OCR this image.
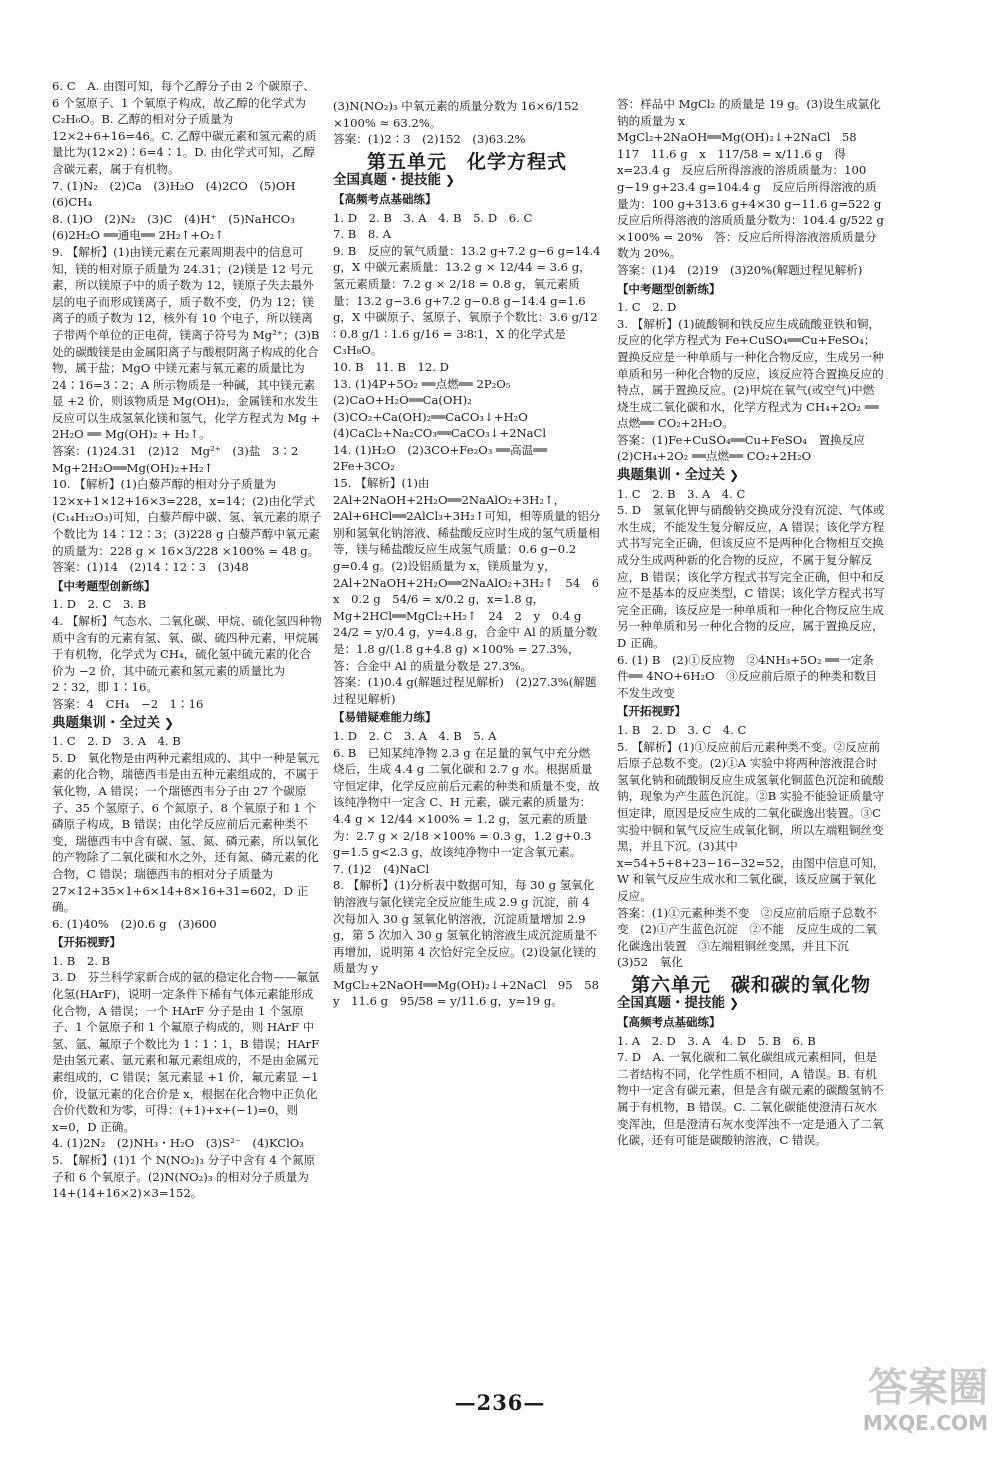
6. C　A. 由图可知，每个乙醇分子由 2 个碳原子、6 个氢原子、1 个氧原子构成，故乙醇的化学式为 C₂H₆O。B. 乙醇的相对分子质量为 12×2+6+16=46。C. 乙醇中碳元素和氢元素的质量比为(12×2)∶6=4∶1。D. 由化学式可知，乙醇含碳元素，属于有机物。
7. (1)N₂　(2)Ca　(3)H₂O　(4)2CO　(5)OH　(6)CH₄
8. (1)O　(2)N₂　(3)C　(4)H⁺　(5)NaHCO₃　(6)2H₂O ══通电══ 2H₂↑+O₂↑
9. 【解析】(1)由镁元素在元素周期表中的信息可知，镁的相对原子质量为 24.31；(2)镁是 12 号元素，所以镁原子中的质子数为 12，镁原子失去最外层的电子而形成镁离子，质子数不变，仍为 12；镁离子的质子数为 12，核外有 10 个电子，所以镁离子带两个单位的正电荷，镁离子符号为 Mg²⁺；(3)B 处的碳酸镁是由金属阳离子与酸根阴离子构成的化合物，属于盐；MgO 中镁元素与氧元素的质量比为 24∶16=3∶2；A 所示物质是一种碱，其中镁元素显 +2 价，则该物质是 Mg(OH)₂，金属镁和水发生反应可以生成氢氧化镁和氢气，化学方程式为 Mg + 2H₂O ══ Mg(OH)₂ + H₂↑。
答案：(1)24.31　(2)12　Mg²⁺　(3)盐　3∶2　Mg+2H₂O══Mg(OH)₂+H₂↑
10. 【解析】(1)白藜芦醇的相对分子质量为 12×x+1×12+16×3=228，x=14；(2)由化学式(C₁₄H₁₂O₃)可知，白藜芦醇中碳、氢、氧元素的原子个数比为 14∶12∶3；(3)228 g 白藜芦醇中氧元素的质量为：228 g × 16×3/228 ×100% = 48 g。
答案：(1)14　(2)14∶12∶3　(3)48
【中考题型创新练】
1. D　2. C　3. B
4. 【解析】气态水、二氧化碳、甲烷、硫化氢四种物质中含有的元素有氢、氧、碳、硫四种元素，甲烷属于有机物，化学式为 CH₄，硫化氢中硫元素的化合价为 −2 价，其中硫元素和氢元素的质量比为 2∶32，即 1∶16。
答案：4　CH₄　−2　1∶16
典题集训・全过关 ❯
1. C　2. D　3. A　4. B
5. D　氧化物是由两种元素组成的、其中一种是氧元素的化合物，瑞德西韦是由五种元素组成的，不属于氧化物，A 错误；一个瑞德西韦分子由 27 个碳原子、35 个氢原子、6 个氮原子、8 个氧原子和 1 个磷原子构成，B 错误；由化学反应前后元素种类不变，瑞德西韦中含有碳、氢、氮、磷元素，所以氧化的产物除了二氧化碳和水之外，还有氮、磷元素的化合物，C 错误；瑞德西韦的相对分子质量为 27×12+35×1+6×14+8×16+31=602，D 正确。
6. (1)40%　(2)0.6 g　(3)600
【开拓视野】
1. B　2. B
3. D　芬兰科学家新合成的氩的稳定化合物——氟氩化氢(HArF)，说明一定条件下稀有气体元素能形成化合物，A 错误；一个 HArF 分子是由 1 个氢原子、1 个氩原子和 1 个氟原子构成的，则 HArF 中氢、氩、氟原子个数比为 1∶1∶1，B 错误；HArF 是由氢元素、氩元素和氟元素组成的，不是由金属元素组成的，C 错误；氢元素显 +1 价，氟元素显 −1 价，设氩元素的化合价是 x，根据在化合物中正负化合价代数和为零，可得：(+1)+x+(−1)=0，则 x=0，D 正确。
4. (1)2N₂　(2)NH₃・H₂O　(3)S²⁻　(4)KClO₃
5. 【解析】(1)1 个 N(NO₂)₃ 分子中含有 4 个氮原子和 6 个氧原子。(2)N(NO₂)₃ 的相对分子质量为 14+(14+16×2)×3=152。
(3)N(NO₂)₃ 中氧元素的质量分数为 16×6/152 ×100% ≈ 63.2%。
答案：(1)2∶3　(2)152　(3)63.2%
第五单元　化学方程式
全国真题・提技能 ❯
【高频考点基础练】
1. D　2. B　3. A　4. B　5. D　6. C
7. B　8. A
9. B　反应的氧气质量：13.2 g+7.2 g−6 g=14.4 g，X 中碳元素质量：13.2 g × 12/44 = 3.6 g，氢元素质量：7.2 g × 2/18 = 0.8 g，氧元素质量：13.2 g−3.6 g+7.2 g−0.8 g−14.4 g=1.6 g，X 中碳原子、氢原子、氧原子个数比：3.6 g/12 ∶ 0.8 g/1 ∶ 1.6 g/16 = 3∶8∶1，X 的化学式是 C₃H₈O。
10. B　11. B　12. D
13. (1)4P+5O₂ ══点燃══ 2P₂O₅　(2)CaO+H₂O══Ca(OH)₂　(3)CO₂+Ca(OH)₂══CaCO₃↓+H₂O　(4)CaCl₂+Na₂CO₃══CaCO₃↓+2NaCl
14. (1)H₂O　(2)3CO+Fe₂O₃ ══高温══ 2Fe+3CO₂
15. 【解析】(1)由 2Al+2NaOH+2H₂O══2NaAlO₂+3H₂↑，2Al+6HCl══2AlCl₃+3H₂↑可知，相等质量的铝分别和氢氧化钠溶液、稀盐酸反应时生成的氢气质量相等，镁与稀盐酸反应生成氢气质量：0.6 g−0.2 g=0.4 g。(2)设铝质量为 x，镁质量为 y，2Al+2NaOH+2H₂O══2NaAlO₂+3H₂↑　54　6　x　0.2 g　54/6 = x/0.2 g，x=1.8 g，Mg+2HCl══MgCl₂+H₂↑　24　2　y　0.4 g　24/2 = y/0.4 g，y=4.8 g，合金中 Al 的质量分数是：1.8 g/(1.8 g+4.8 g) ×100% = 27.3%，答：合金中 Al 的质量分数是 27.3%。
答案：(1)0.4 g(解题过程见解析)　(2)27.3%(解题过程见解析)
【易错疑难能力练】
1. D　2. C　3. A　4. B　5. A
6. B　已知某纯净物 2.3 g 在足量的氧气中充分燃烧后，生成 4.4 g 二氧化碳和 2.7 g 水。根据质量守恒定律，化学反应前后元素的种类和质量不变，故该纯净物中一定含 C、H 元素，碳元素的质量为：4.4 g × 12/44 ×100% = 1.2 g，氢元素的质量为：2.7 g × 2/18 ×100% = 0.3 g，1.2 g+0.3 g=1.5 g<2.3 g，故该纯净物中一定含氧元素。
7. (1)2　(4)NaCl
8. 【解析】(1)分析表中数据可知，每 30 g 氢氧化钠溶液与氯化镁完全反应能生成 2.9 g 沉淀，前 4 次每加入 30 g 氢氧化钠溶液，沉淀质量增加 2.9 g，第 5 次加入 30 g 氢氧化钠溶液生成沉淀质量不再增加，说明第 4 次恰好完全反应。(2)设氯化镁的质量为 y　MgCl₂+2NaOH══Mg(OH)₂↓+2NaCl　95　58　y　11.6 g　95/58 = y/11.6 g，y=19 g。
答：样品中 MgCl₂ 的质量是 19 g。(3)设生成氯化钠的质量为 x　MgCl₂+2NaOH══Mg(OH)₂↓+2NaCl　58　117　11.6 g　x　117/58 = x/11.6 g　得 x=23.4 g　反应后所得溶液的溶质质量为：100 g−19 g+23.4 g=104.4 g　反应后所得溶液的质量为：100 g+313.6 g+4×30 g−11.6 g=522 g　反应后所得溶液的溶质质量分数为：104.4 g/522 g ×100% = 20%　答：反应后所得溶液溶质质量分数为 20%。
答案：(1)4　(2)19　(3)20%(解题过程见解析)
【中考题型创新练】
1. C　2. D
3. 【解析】(1)硫酸铜和铁反应生成硫酸亚铁和铜，反应的化学方程式为 Fe+CuSO₄══Cu+FeSO₄；置换反应是一种单质与一种化合物反应，生成另一种单质和另一种化合物的反应，该反应符合置换反应的特点，属于置换反应。(2)甲烷在氧气(或空气)中燃烧生成二氧化碳和水，化学方程式为 CH₄+2O₂ ══点燃══ CO₂+2H₂O。
答案：(1)Fe+CuSO₄══Cu+FeSO₄　置换反应　(2)CH₄+2O₂ ══点燃══ CO₂+2H₂O
典题集训・全过关 ❯
1. C　2. B　3. A　4. C
5. D　氢氧化钾与硝酸钠交换成分没有沉淀、气体或水生成，不能发生复分解反应，A 错误；该化学方程式书写完全正确，但该反应不是两种化合物相互交换成分生成两种新的化合物的反应，不属于复分解反应，B 错误；该化学方程式书写完全正确，但中和反应不是基本的反应类型，C 错误；该化学方程式书写完全正确，该反应是一种单质和一种化合物反应生成另一种单质和另一种化合物的反应，属于置换反应，D 正确。
6. (1) B　(2)①反应物　②4NH₃+5O₂ ══一定条件══ 4NO+6H₂O　③反应前后原子的种类和数目不发生改变
【开拓视野】
1. B　2. D　3. C　4. C
5. 【解析】(1)①反应前后元素种类不变。②反应前后原子总数不变。(2)①A 实验中将两种溶液混合时氢氧化钠和硫酸铜反应生成氢氧化铜蓝色沉淀和硫酸钠，现象为产生蓝色沉淀。②B 实验不能验证质量守恒定律，原因是反应生成的二氧化碳逸出装置。③C 实验中铜和氧气反应生成氧化铜，所以左端粗铜丝变黑，并且下沉。(3)其中 x=54+5+8+23−16−32=52，由图中信息可知，W 和氧气反应生成水和二氧化碳，该反应属于氧化反应。
答案：(1)①元素种类不变　②反应前后原子总数不变　(2)①产生蓝色沉淀　②不能　反应生成的二氧化碳逸出装置　③左端粗铜丝变黑，并且下沉　(3)52　氧化
第六单元　碳和碳的氧化物
全国真题・提技能 ❯
【高频考点基础练】
1. A　2. D　3. A　4. D　5. B　6. B
7. D　A. 一氧化碳和二氧化碳组成元素相同，但是二者结构不同，化学性质不相同，A 错误。B. 有机物中一定含有碳元素，但是含有碳元素的碳酸氢钠不属于有机物，B 错误。C. 二氧化碳能使澄清石灰水变浑浊，但是澄清石灰水变浑浊不一定是通入了二氧化碳，还有可能是碳酸钠溶液，C 错误。
—236—	答案圈
MXQE.COM
